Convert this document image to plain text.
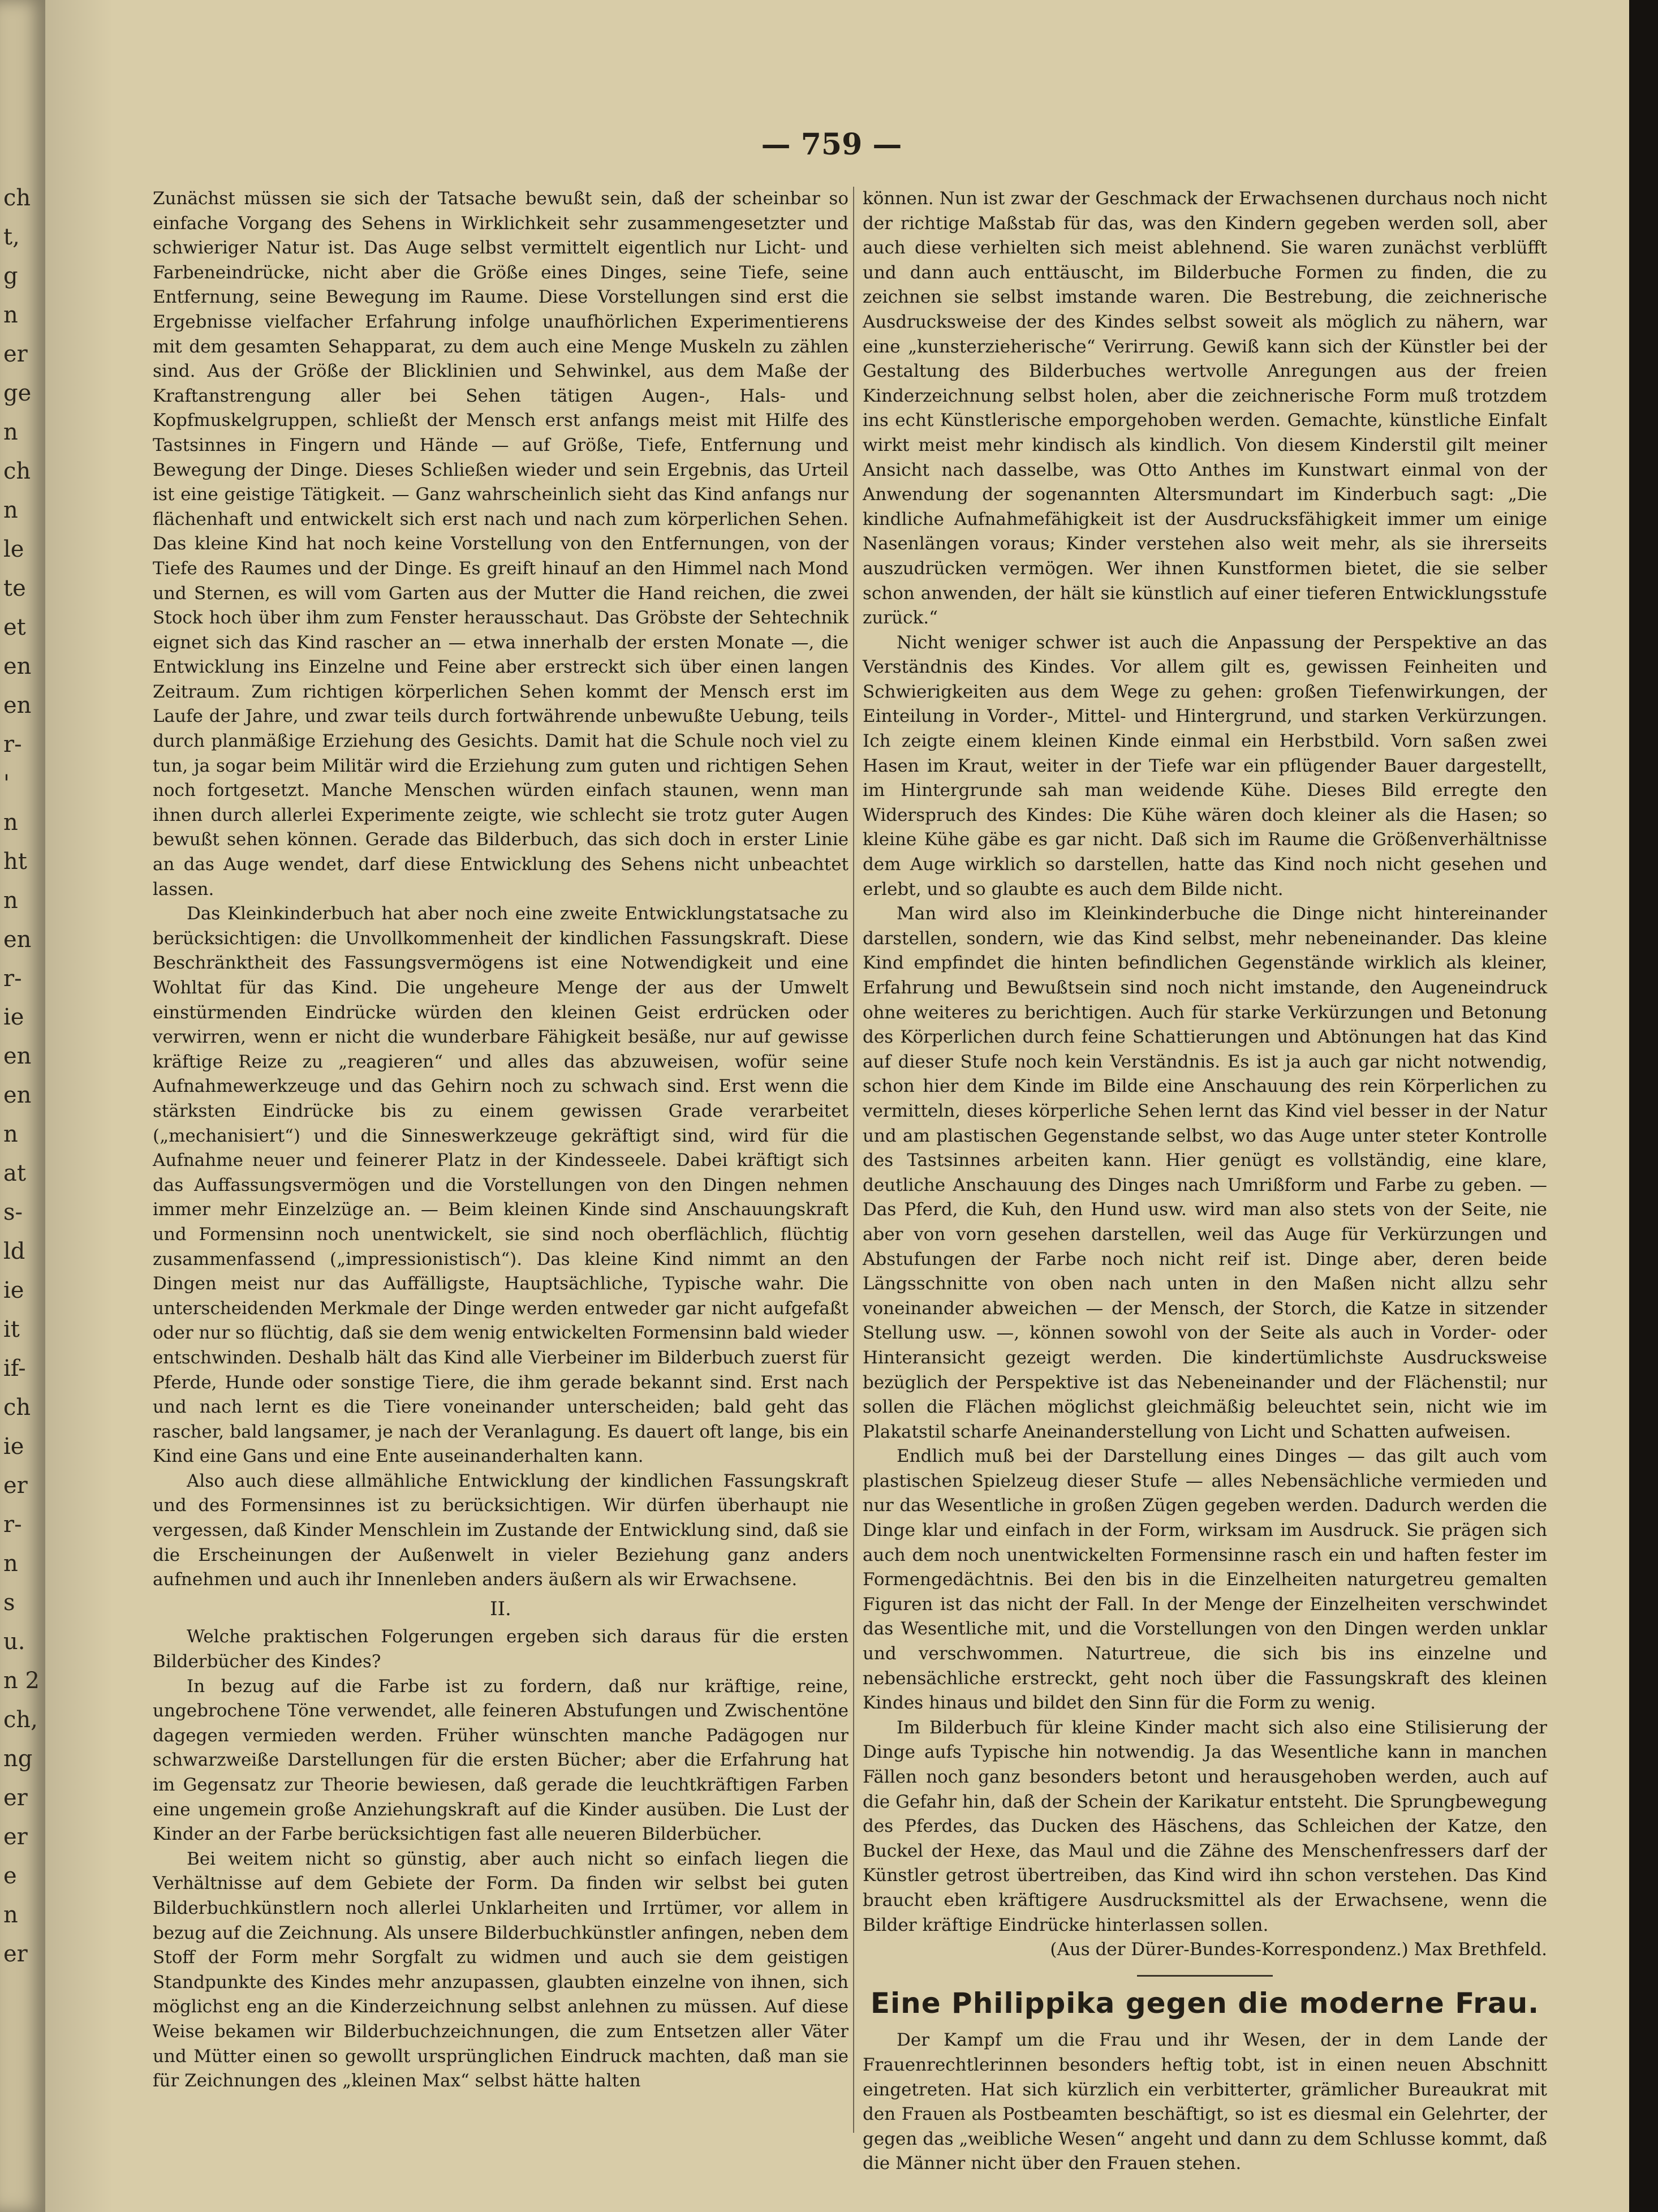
ch
t,
g
n
er
ge
n
ch
n
le
te
et
en
en
r-
'
n
ht
n
en
r-
ie
en
en
n
at
s-
ld
ie
it
if-
ch
ie
er
r-
n
s
u.
n 2
ch,
ng
er
er
e
n
er
— 759 —

Zunächst müssen sie sich der Tatsache bewußt sein, daß der scheinbar so einfache Vorgang des Sehens in Wirklichkeit sehr zusammengesetzter und schwieriger Natur ist. Das Auge selbst vermittelt eigentlich nur Licht- und Farbeneindrücke, nicht aber die Größe eines Dinges, seine Tiefe, seine Entfernung, seine Bewegung im Raume. Diese Vorstellungen sind erst die Ergebnisse vielfacher Erfahrung infolge unaufhörlichen Experimentierens mit dem gesamten Sehapparat, zu dem auch eine Menge Muskeln zu zählen sind. Aus der Größe der Blicklinien und Sehwinkel, aus dem Maße der Kraftanstrengung aller bei Sehen tätigen Augen-, Hals- und Kopfmuskelgruppen, schließt der Mensch erst anfangs meist mit Hilfe des Tastsinnes in Fingern und Hände — auf Größe, Tiefe, Entfernung und Bewegung der Dinge. Dieses Schließen wieder und sein Ergebnis, das Urteil ist eine geistige Tätigkeit. — Ganz wahrscheinlich sieht das Kind anfangs nur flächenhaft und entwickelt sich erst nach und nach zum körperlichen Sehen. Das kleine Kind hat noch keine Vorstellung von den Entfernungen, von der Tiefe des Raumes und der Dinge. Es greift hinauf an den Himmel nach Mond und Sternen, es will vom Garten aus der Mutter die Hand reichen, die zwei Stock hoch über ihm zum Fenster herausschaut. Das Gröbste der Sehtechnik eignet sich das Kind rascher an — etwa innerhalb der ersten Monate —, die Entwicklung ins Einzelne und Feine aber erstreckt sich über einen langen Zeitraum. Zum richtigen körperlichen Sehen kommt der Mensch erst im Laufe der Jahre, und zwar teils durch fortwährende unbewußte Uebung, teils durch planmäßige Erziehung des Gesichts. Damit hat die Schule noch viel zu tun, ja sogar beim Militär wird die Erziehung zum guten und richtigen Sehen noch fortgesetzt. Manche Menschen würden einfach staunen, wenn man ihnen durch allerlei Experimente zeigte, wie schlecht sie trotz guter Augen bewußt sehen können. Gerade das Bilderbuch, das sich doch in erster Linie an das Auge wendet, darf diese Entwicklung des Sehens nicht unbeachtet lassen.

Das Kleinkinderbuch hat aber noch eine zweite Entwicklungstatsache zu berücksichtigen: die Unvollkommenheit der kindlichen Fassungskraft. Diese Beschränktheit des Fassungsvermögens ist eine Notwendigkeit und eine Wohltat für das Kind. Die ungeheure Menge der aus der Umwelt einstürmenden Eindrücke würden den kleinen Geist erdrücken oder verwirren, wenn er nicht die wunderbare Fähigkeit besäße, nur auf gewisse kräftige Reize zu „reagieren“ und alles das abzuweisen, wofür seine Aufnahmewerkzeuge und das Gehirn noch zu schwach sind. Erst wenn die stärksten Eindrücke bis zu einem gewissen Grade verarbeitet („mechanisiert“) und die Sinneswerkzeuge gekräftigt sind, wird für die Aufnahme neuer und feinerer Platz in der Kindesseele. Dabei kräftigt sich das Auffassungsvermögen und die Vorstellungen von den Dingen nehmen immer mehr Einzelzüge an. — Beim kleinen Kinde sind Anschauungskraft und Formensinn noch unentwickelt, sie sind noch oberflächlich, flüchtig zusammenfassend („impressionistisch“). Das kleine Kind nimmt an den Dingen meist nur das Auffälligste, Hauptsächliche, Typische wahr. Die unterscheidenden Merkmale der Dinge werden entweder gar nicht aufgefaßt oder nur so flüchtig, daß sie dem wenig entwickelten Formensinn bald wieder entschwinden. Deshalb hält das Kind alle Vierbeiner im Bilderbuch zuerst für Pferde, Hunde oder sonstige Tiere, die ihm gerade bekannt sind. Erst nach und nach lernt es die Tiere voneinander unterscheiden; bald geht das rascher, bald langsamer, je nach der Veranlagung. Es dauert oft lange, bis ein Kind eine Gans und eine Ente auseinanderhalten kann.

Also auch diese allmähliche Entwicklung der kindlichen Fassungskraft und des Formensinnes ist zu berücksichtigen. Wir dürfen überhaupt nie vergessen, daß Kinder Menschlein im Zustande der Entwicklung sind, daß sie die Erscheinungen der Außenwelt in vieler Beziehung ganz anders aufnehmen und auch ihr Innenleben anders äußern als wir Erwachsene.

II.

Welche praktischen Folgerungen ergeben sich daraus für die ersten Bilderbücher des Kindes?

In bezug auf die Farbe ist zu fordern, daß nur kräftige, reine, ungebrochene Töne verwendet, alle feineren Abstufungen und Zwischentöne dagegen vermieden werden. Früher wünschten manche Padägogen nur schwarzweiße Darstellungen für die ersten Bücher; aber die Erfahrung hat im Gegensatz zur Theorie bewiesen, daß gerade die leuchtkräftigen Farben eine ungemein große Anziehungskraft auf die Kinder ausüben. Die Lust der Kinder an der Farbe berücksichtigen fast alle neueren Bilderbücher.

Bei weitem nicht so günstig, aber auch nicht so einfach liegen die Verhältnisse auf dem Gebiete der Form. Da finden wir selbst bei guten Bilderbuchkünstlern noch allerlei Unklarheiten und Irrtümer, vor allem in bezug auf die Zeichnung. Als unsere Bilderbuchkünstler anfingen, neben dem Stoff der Form mehr Sorgfalt zu widmen und auch sie dem geistigen Standpunkte des Kindes mehr anzupassen, glaubten einzelne von ihnen, sich möglichst eng an die Kinderzeichnung selbst anlehnen zu müssen. Auf diese Weise bekamen wir Bilderbuchzeichnungen, die zum Entsetzen aller Väter und Mütter einen so gewollt ursprünglichen Eindruck machten, daß man sie für Zeichnungen des „kleinen Max“ selbst hätte halten

können. Nun ist zwar der Geschmack der Erwachsenen durchaus noch nicht der richtige Maßstab für das, was den Kindern gegeben werden soll, aber auch diese verhielten sich meist ablehnend. Sie waren zunächst verblüfft und dann auch enttäuscht, im Bilderbuche Formen zu finden, die zu zeichnen sie selbst imstande waren. Die Bestrebung, die zeichnerische Ausdrucksweise der des Kindes selbst soweit als möglich zu nähern, war eine „kunsterzieherische“ Verirrung. Gewiß kann sich der Künstler bei der Gestaltung des Bilderbuches wertvolle Anregungen aus der freien Kinderzeichnung selbst holen, aber die zeichnerische Form muß trotzdem ins echt Künstlerische emporgehoben werden. Gemachte, künstliche Einfalt wirkt meist mehr kindisch als kindlich. Von diesem Kinderstil gilt meiner Ansicht nach dasselbe, was Otto Anthes im Kunstwart einmal von der Anwendung der sogenannten Altersmundart im Kinderbuch sagt: „Die kindliche Aufnahmefähigkeit ist der Ausdrucksfähigkeit immer um einige Nasenlängen voraus; Kinder verstehen also weit mehr, als sie ihrerseits auszudrücken vermögen. Wer ihnen Kunstformen bietet, die sie selber schon anwenden, der hält sie künstlich auf einer tieferen Entwicklungsstufe zurück.“

Nicht weniger schwer ist auch die Anpassung der Perspektive an das Verständnis des Kindes. Vor allem gilt es, gewissen Feinheiten und Schwierigkeiten aus dem Wege zu gehen: großen Tiefenwirkungen, der Einteilung in Vorder-, Mittel- und Hintergrund, und starken Verkürzungen. Ich zeigte einem kleinen Kinde einmal ein Herbstbild. Vorn saßen zwei Hasen im Kraut, weiter in der Tiefe war ein pflügender Bauer dargestellt, im Hintergrunde sah man weidende Kühe. Dieses Bild erregte den Widerspruch des Kindes: Die Kühe wären doch kleiner als die Hasen; so kleine Kühe gäbe es gar nicht. Daß sich im Raume die Größenverhältnisse dem Auge wirklich so darstellen, hatte das Kind noch nicht gesehen und erlebt, und so glaubte es auch dem Bilde nicht.

Man wird also im Kleinkinderbuche die Dinge nicht hintereinander darstellen, sondern, wie das Kind selbst, mehr nebeneinander. Das kleine Kind empfindet die hinten befindlichen Gegenstände wirklich als kleiner, Erfahrung und Bewußtsein sind noch nicht imstande, den Augeneindruck ohne weiteres zu berichtigen. Auch für starke Verkürzungen und Betonung des Körperlichen durch feine Schattierungen und Abtönungen hat das Kind auf dieser Stufe noch kein Verständnis. Es ist ja auch gar nicht notwendig, schon hier dem Kinde im Bilde eine Anschauung des rein Körperlichen zu vermitteln, dieses körperliche Sehen lernt das Kind viel besser in der Natur und am plastischen Gegenstande selbst, wo das Auge unter steter Kontrolle des Tastsinnes arbeiten kann. Hier genügt es vollständig, eine klare, deutliche Anschauung des Dinges nach Umrißform und Farbe zu geben. — Das Pferd, die Kuh, den Hund usw. wird man also stets von der Seite, nie aber von vorn gesehen darstellen, weil das Auge für Verkürzungen und Abstufungen der Farbe noch nicht reif ist. Dinge aber, deren beide Längsschnitte von oben nach unten in den Maßen nicht allzu sehr voneinander abweichen — der Mensch, der Storch, die Katze in sitzender Stellung usw. —, können sowohl von der Seite als auch in Vorder- oder Hinteransicht gezeigt werden. Die kindertümlichste Ausdrucksweise bezüglich der Perspektive ist das Nebeneinander und der Flächenstil; nur sollen die Flächen möglichst gleichmäßig beleuchtet sein, nicht wie im Plakatstil scharfe Aneinanderstellung von Licht und Schatten aufweisen.

Endlich muß bei der Darstellung eines Dinges — das gilt auch vom plastischen Spielzeug dieser Stufe — alles Nebensächliche vermieden und nur das Wesentliche in großen Zügen gegeben werden. Dadurch werden die Dinge klar und einfach in der Form, wirksam im Ausdruck. Sie prägen sich auch dem noch unentwickelten Formensinne rasch ein und haften fester im Formengedächtnis. Bei den bis in die Einzelheiten naturgetreu gemalten Figuren ist das nicht der Fall. In der Menge der Einzelheiten verschwindet das Wesentliche mit, und die Vorstellungen von den Dingen werden unklar und verschwommen. Naturtreue, die sich bis ins einzelne und nebensächliche erstreckt, geht noch über die Fassungskraft des kleinen Kindes hinaus und bildet den Sinn für die Form zu wenig.

Im Bilderbuch für kleine Kinder macht sich also eine Stilisierung der Dinge aufs Typische hin notwendig. Ja das Wesentliche kann in manchen Fällen noch ganz besonders betont und herausgehoben werden, auch auf die Gefahr hin, daß der Schein der Karikatur entsteht. Die Sprungbewegung des Pferdes, das Ducken des Häschens, das Schleichen der Katze, den Buckel der Hexe, das Maul und die Zähne des Menschenfressers darf der Künstler getrost übertreiben, das Kind wird ihn schon verstehen. Das Kind braucht eben kräftigere Ausdrucksmittel als der Erwachsene, wenn die Bilder kräftige Eindrücke hinterlassen sollen.

(Aus der Dürer-Bundes-Korrespondenz.) Max Brethfeld.

Eine Philippika gegen die moderne Frau.

Der Kampf um die Frau und ihr Wesen, der in dem Lande der Frauenrechtlerinnen besonders heftig tobt, ist in einen neuen Abschnitt eingetreten. Hat sich kürzlich ein verbitterter, grämlicher Bureaukrat mit den Frauen als Postbeamten beschäftigt, so ist es diesmal ein Gelehrter, der gegen das „weibliche Wesen“ angeht und dann zu dem Schlusse kommt, daß die Männer nicht über den Frauen stehen.
